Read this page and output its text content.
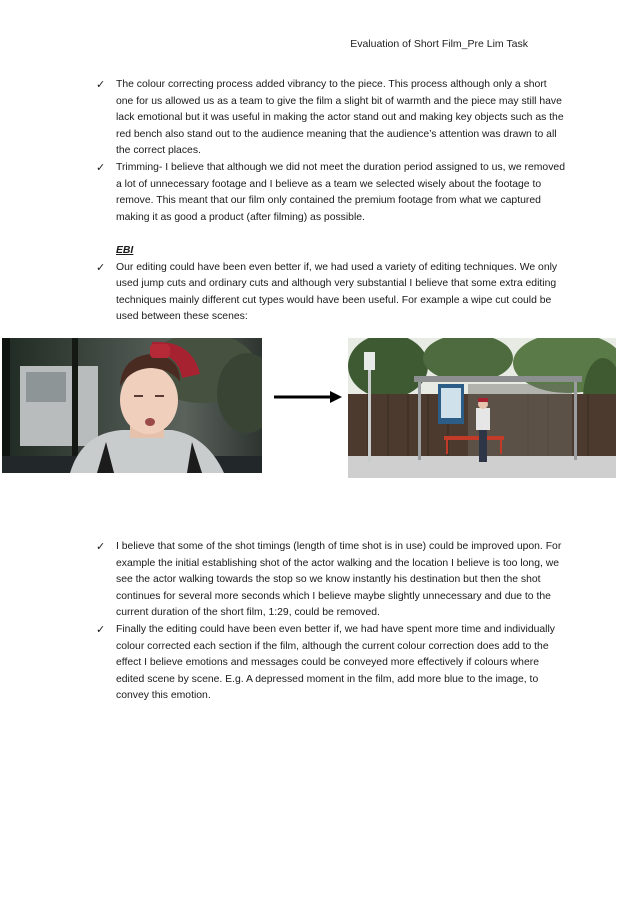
Evaluation of Short Film_Pre Lim Task
✓ The colour correcting process added vibrancy to the piece. This process although only a short one for us allowed us as a team to give the film a slight bit of warmth and the piece may still have lack emotional but it was useful in making the actor stand out and making key objects such as the red bench also stand out to the audience meaning that the audience’s attention was drawn to all the correct places.
✓ Trimming- I believe that although we did not meet the duration period assigned to us, we removed a lot of unnecessary footage and I believe as a team we selected wisely about the footage to remove. This meant that our film only contained the premium footage from what we captured making it as good a product (after filming) as possible.
EBI
✓ Our editing could have been even better if, we had used a variety of editing techniques. We only used jump cuts and ordinary cuts and although very substantial I believe that some extra editing techniques mainly different cut types would have been useful. For example a wipe cut could be used between these scenes:
✓ I believe that some of the shot timings (length of time shot is in use) could be improved upon. For example the initial establishing shot of the actor walking and the location I believe is too long, we see the actor walking towards the stop so we know instantly his destination but then the shot continues for several more seconds which I believe maybe slightly unnecessary and due to the current duration of the short film, 1:29, could be removed.
✓ Finally the editing could have been even better if, we had have spent more time and individually colour corrected each section if the film, although the current colour correction does add to the effect I believe emotions and messages could be conveyed more effectively if colours where edited scene by scene. E.g. A depressed moment in the film, add more blue to the image, to convey this emotion.
